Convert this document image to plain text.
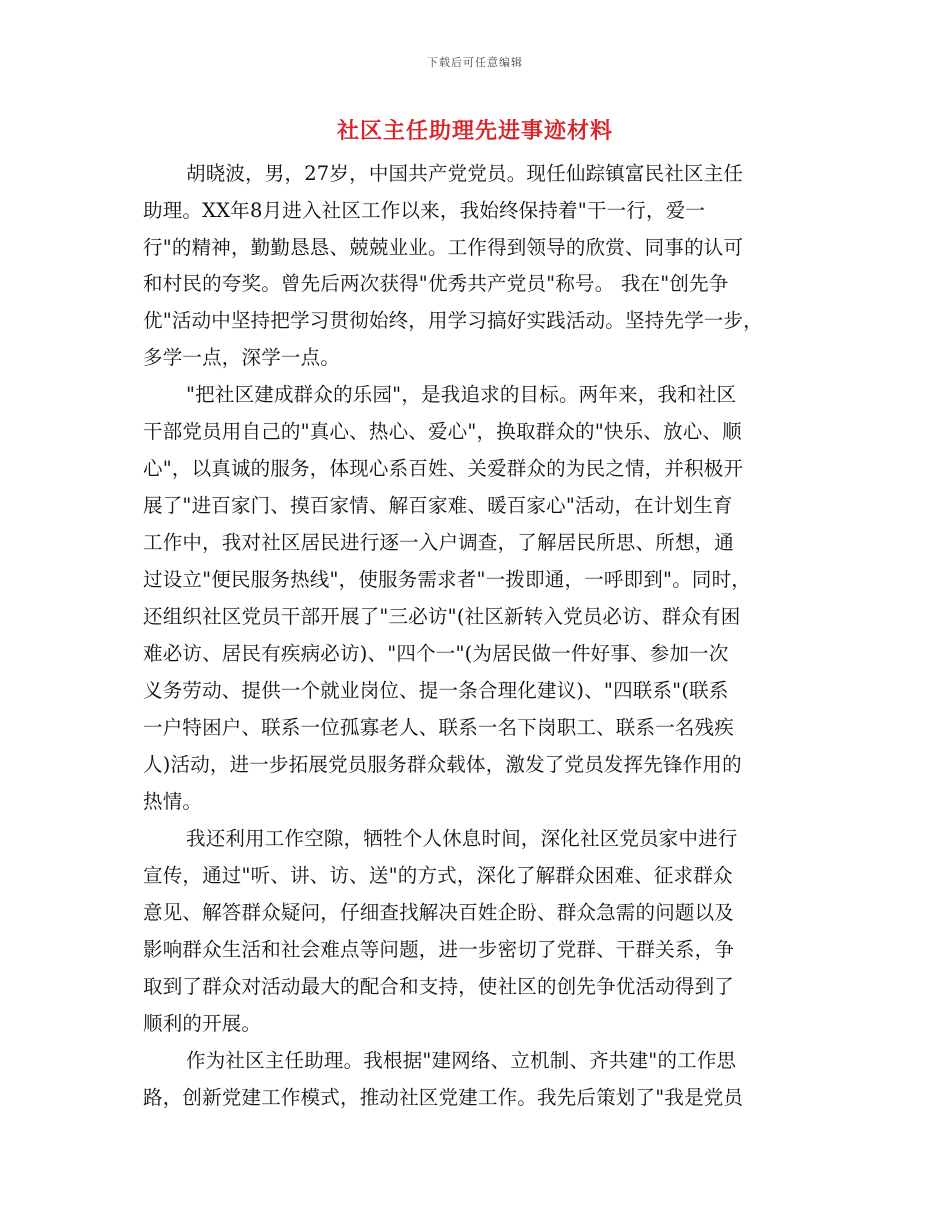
下载后可任意编辑
社区主任助理先进事迹材料
胡晓波，男，27岁，中国共产党党员。现任仙踪镇富民社区主任
助理。XX年8月进入社区工作以来，我始终保持着"干一行，爱一
行"的精神，勤勤恳恳、兢兢业业。工作得到领导的欣赏、同事的认可
和村民的夸奖。曾先后两次获得"优秀共产党员"称号。 我在"创先争
优"活动中坚持把学习贯彻始终，用学习搞好实践活动。坚持先学一步，
多学一点，深学一点。
"把社区建成群众的乐园"，是我追求的目标。两年来，我和社区
干部党员用自己的"真心、热心、爱心"，换取群众的"快乐、放心、顺
心"，以真诚的服务，体现心系百姓、关爱群众的为民之情，并积极开
展了"进百家门、摸百家情、解百家难、暖百家心"活动，在计划生育
工作中，我对社区居民进行逐一入户调查，了解居民所思、所想，通
过设立"便民服务热线"，使服务需求者"一拨即通，一呼即到"。同时，
还组织社区党员干部开展了"三必访"(社区新转入党员必访、群众有困
难必访、居民有疾病必访)、"四个一"(为居民做一件好事、参加一次
义务劳动、提供一个就业岗位、提一条合理化建议)、"四联系"(联系
一户特困户、联系一位孤寡老人、联系一名下岗职工、联系一名残疾
人)活动，进一步拓展党员服务群众载体，激发了党员发挥先锋作用的
热情。
我还利用工作空隙，牺牲个人休息时间，深化社区党员家中进行
宣传，通过"听、讲、访、送"的方式，深化了解群众困难、征求群众
意见、解答群众疑问，仔细查找解决百姓企盼、群众急需的问题以及
影响群众生活和社会难点等问题，进一步密切了党群、干群关系，争
取到了群众对活动最大的配合和支持，使社区的创先争优活动得到了
顺利的开展。
作为社区主任助理。我根据"建网络、立机制、齐共建"的工作思
路，创新党建工作模式，推动社区党建工作。我先后策划了"我是党员
